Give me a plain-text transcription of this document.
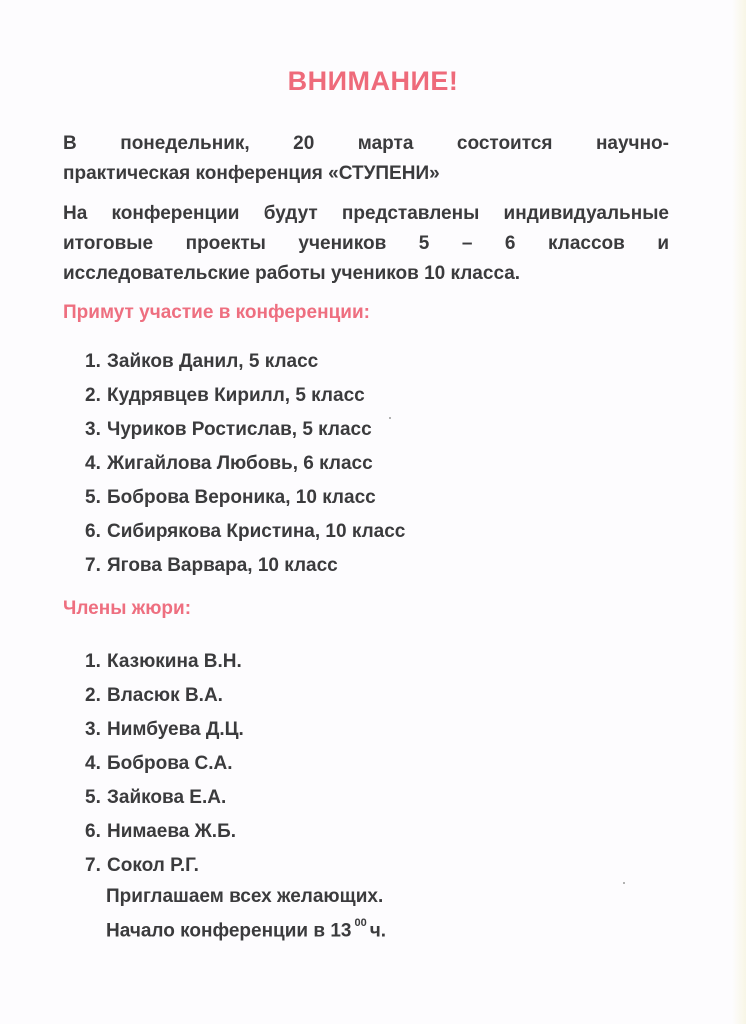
ВНИМАНИЕ!
В понедельник, 20 марта состоится научно-
практическая конференция «СТУПЕНИ»
На конференции будут представлены индивидуальные
итоговые проекты учеников 5 – 6 классов и
исследовательские работы учеников 10 класса.
Примут участие в конференции:
1. Зайков Данил, 5 класс
2. Кудрявцев Кирилл, 5 класс
3. Чуриков Ростислав, 5 класс
4. Жигайлова Любовь, 6 класс
5. Боброва Вероника, 10 класс
6. Сибирякова Кристина, 10 класс
7. Ягова Варвара, 10 класс
Члены жюри:
1. Казюкина В.Н.
2. Власюк В.А.
3. Нимбуева Д.Ц.
4. Боброва С.А.
5. Зайкова Е.А.
6. Нимаева Ж.Б.
7. Сокол Р.Г.
Приглашаем всех желающих.
Начало конференции в 13 $^{00}$ ч.
